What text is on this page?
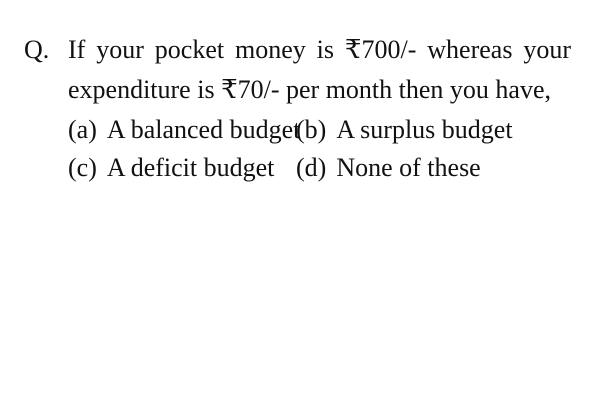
Q. If your pocket money is ₹700/- whereas your
expenditure is ₹70/- per month then you have,
(a) A balanced budget
(b) A surplus budget
(c) A deficit budget (d) None of these
